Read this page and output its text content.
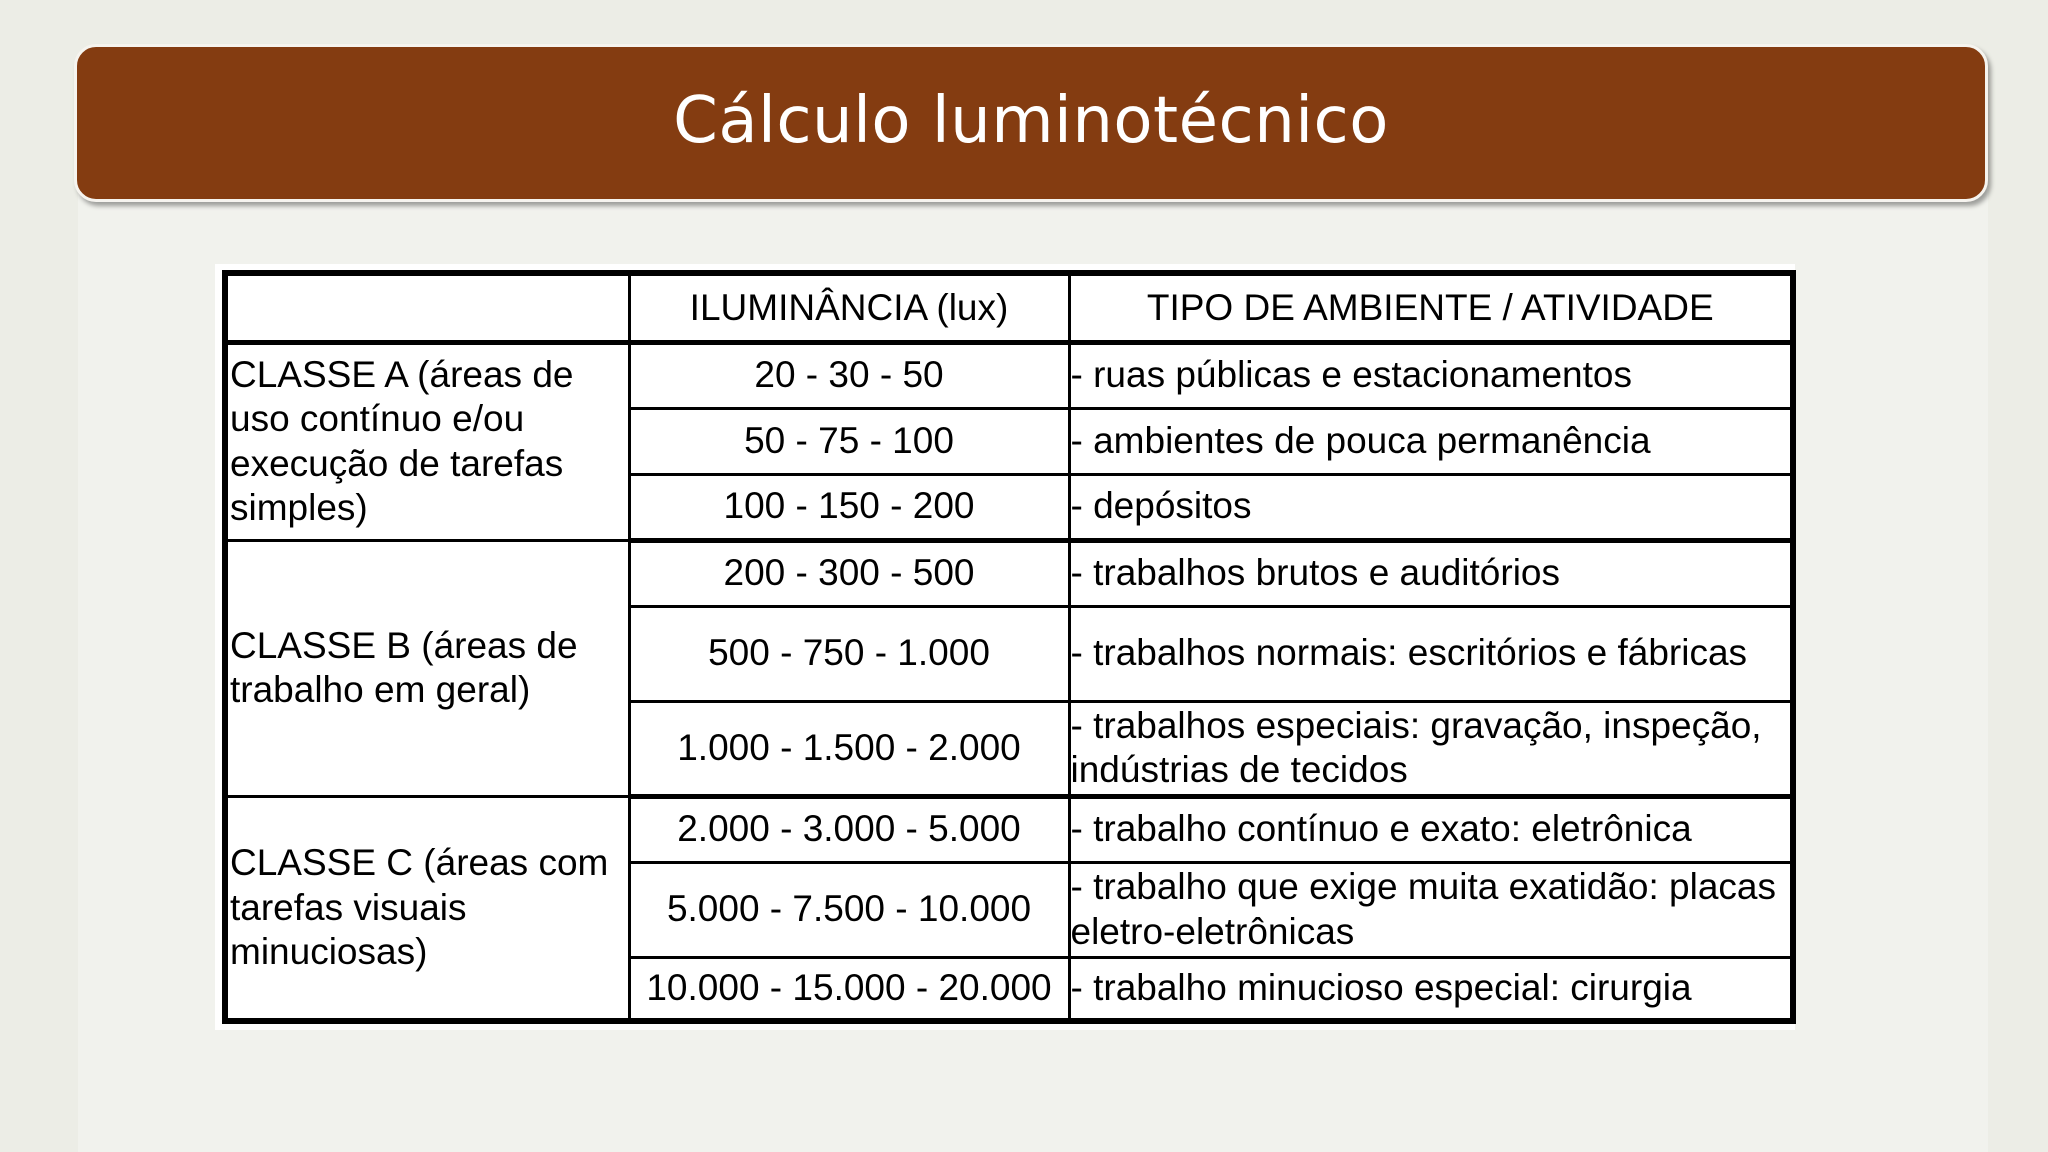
Cálculo luminotécnico
	ILUMINÂNCIA (lux)	TIPO DE AMBIENTE / ATIVIDADE
CLASSE A (áreas de uso contínuo e/ou execução de tarefas simples)	20 - 30 - 50	- ruas públicas e estacionamentos
	50 - 75 - 100	- ambientes de pouca permanência
	100 - 150 - 200	- depósitos
CLASSE B (áreas de trabalho em geral)	200 - 300 - 500	- trabalhos brutos e auditórios
	500 - 750 - 1.000	- trabalhos normais: escritórios e fábricas
	1.000 - 1.500 - 2.000	- trabalhos especiais: gravação, inspeção, indústrias de tecidos
CLASSE C (áreas com tarefas visuais minuciosas)	2.000 - 3.000 - 5.000	- trabalho contínuo e exato: eletrônica
	5.000 - 7.500 - 10.000	- trabalho que exige muita exatidão: placas eletro-eletrônicas
	10.000 - 15.000 - 20.000	- trabalho minucioso especial: cirurgia
